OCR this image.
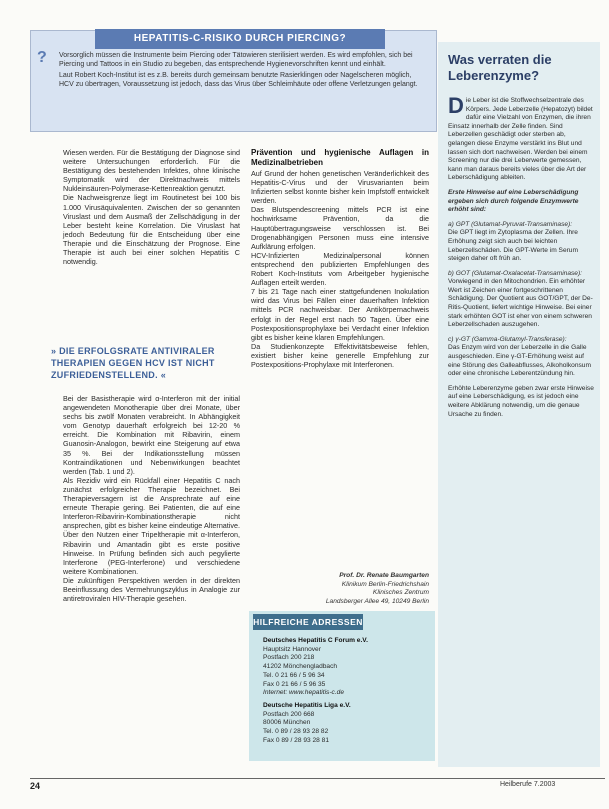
HEPATITIS-C-RISIKO DURCH PIERCING?
? Vorsorglich müssen die Instrumente beim Piercing oder Tätowieren sterilisiert werden. Es wird empfohlen, sich bei Piercing und Tattoos in ein Studio zu begeben, das entsprechende Hygienevorschriften kennt und einhält.

Laut Robert Koch-Institut ist es z.B. bereits durch gemeinsam benutzte Rasierklingen oder Nagelscheren möglich, HCV zu übertragen, Voraussetzung ist jedoch, dass das Virus über Schleimhäute oder offene Verletzungen gelangt.

Wiesen werden. Für die Bestätigung der Diagnose sind weitere Untersuchungen erforderlich. Für die Bestätigung des bestehenden Infektes, ohne klinische Symptomatik wird der Direktnachweis mittels Nukleinsäuren-Polymerase-Kettenreaktion genutzt.

Die Nachweisgrenze liegt im Routinetest bei 100 bis 1.000 Virusäquivalenten. Zwischen der so genannten Viruslast und dem Ausmaß der Zellschädigung in der Leber besteht keine Korrelation. Die Viruslast hat jedoch Bedeutung für die Entscheidung über eine Therapie und die Einschätzung der Prognose. Eine Therapie ist auch bei einer solchen Hepatitis C notwendig.

» DIE ERFOLGSRATE ANTIVIRALER THERAPIEN GEGEN HCV IST NICHT ZUFRIEDENSTELLEND. «

Bei der Basistherapie wird α-Interferon mit der initial angewendeten Monotherapie über drei Monate, über sechs bis zwölf Monaten verabreicht. In Abhängigkeit vom Genotyp dauerhaft erfolgreich bei 12-20 % erreicht. Die Kombination mit Ribavirin, einem Guanosin-Analogon, bewirkt eine Steigerung auf etwa 35 %. Bei der Indikationsstellung müssen Kontraindikationen und Nebenwirkungen beachtet werden (Tab. 1 und 2).

Als Rezidiv wird ein Rückfall einer Hepatitis C nach zunächst erfolgreicher Therapie bezeichnet. Bei Therapieversagern ist die Ansprechrate auf eine erneute Therapie gering. Bei Patienten, die auf eine Interferon-Ribavirin-Kombinationstherapie nicht ansprechen, gibt es bisher keine eindeutige Alternative. Über den Nutzen einer Tripeltherapie mit α-Interferon, Ribavirin und Amantadin gibt es erste positive Hinweise. In Prüfung befinden sich auch pegylierte Interferone (PEG-Interferone) und verschiedene weitere Kombinationen.

Die zukünftigen Perspektiven werden in der direkten Beeinflussung des Vermehrungszyklus in Analogie zur antiretroviralen HIV-Therapie gesehen.

Prävention und hygienische Auflagen in Medizinalbetrieben

Auf Grund der hohen genetischen Veränderlichkeit des Hepatitis-C-Virus und der Virusvarianten beim Infizierten selbst konnte bisher kein Impfstoff entwickelt werden.

Das Blutspendescreening mittels PCR ist eine hochwirksame Prävention, da die Hauptübertragungsweise verschlossen ist. Bei Drogenabhängigen Personen muss eine intensive Aufklärung erfolgen.

HCV-Infizierten Medizinalpersonal können entsprechend den publizierten Empfehlungen des Robert Koch-Instituts vom Arbeitgeber hygienische Auflagen erteilt werden.

7 bis 21 Tage nach einer stattgefundenen Inokulation wird das Virus bei Fällen einer dauerhaften Infektion mittels PCR nachweisbar. Der Antikörpernachweis erfolgt in der Regel erst nach 50 Tagen. Über eine Postexpositionsprophylaxe bei Verdacht einer Infektion gibt es bisher keine klaren Empfehlungen.

Da Studienkonzepte Effektivitätsbeweise fehlen, existiert bisher keine generelle Empfehlung zur Postexpositions-Prophylaxe mit Interferonen.

Prof. Dr. Renate Baumgarten
Klinikum Berlin-Friedrichshain
Klinisches Zentrum
Landsberger Allee 49, 10249 Berlin
HILFREICHE ADRESSEN

Deutsches Hepatitis C Forum e.V.
Hauptsitz Hannover
Postfach 200 218
41202 Mönchengladbach
Tel. 0 21 66 / 5 96 34
Fax 0 21 66 / 5 96 35
Internet: www.hepatitis-c.de

Deutsche Hepatitis Liga e.V.
Postfach 200 668
80006 München
Tel. 0 89 / 28 93 28 82
Fax 0 89 / 28 93 28 81

Was verraten die Leberenzyme?

Die Leber ist die Stoffwechselzentrale des Körpers. Jede Leberzelle (Hepatozyt) bildet dafür eine Vielzahl von Enzymen, die ihren Einsatz innerhalb der Zelle finden. Sind Leberzellen geschädigt oder sterben ab, gelangen diese Enzyme verstärkt ins Blut und lassen sich dort nachweisen. Werden bei einem Screening nur die drei Leberwerte gemessen, kann man daraus bereits vieles über die Art der Leberschädigung ableiten.

Erste Hinweise auf eine Leberschädigung ergeben sich durch folgende Enzymwerte erhöht sind:

a) GPT (Glutamat-Pyruvat-Transaminase):
Die GPT liegt im Zytoplasma der Zellen. Ihre Erhöhung zeigt sich auch bei leichten Leberzellschäden. Die GPT-Werte im Serum steigen daher oft früh an.

b) GOT (Glutamat-Oxalacetat-Transaminase):
Vorwiegend in den Mitochondrien. Ein erhöhter Wert ist Zeichen einer fortgeschrittenen Schädigung. Der Quotient aus GOT/GPT, der De-Ritis-Quotient, liefert wichtige Hinweise. Bei einer stark erhöhten GOT ist eher von einem schweren Leberzellschaden auszugehen.

c) γ-GT (Gamma-Glutamyl-Transferase):
Das Enzym wird von der Leberzelle in die Galle ausgeschieden. Eine γ-GT-Erhöhung weist auf eine Störung des Galleabflusses, Alkoholkonsum oder eine chronische Leberentzündung hin.

Erhöhte Leberenzyme geben zwar erste Hinweise auf eine Leberschädigung, es ist jedoch eine weitere Abklärung notwendig, um die genaue Ursache zu finden.

24	Heilberufe 7.2003
